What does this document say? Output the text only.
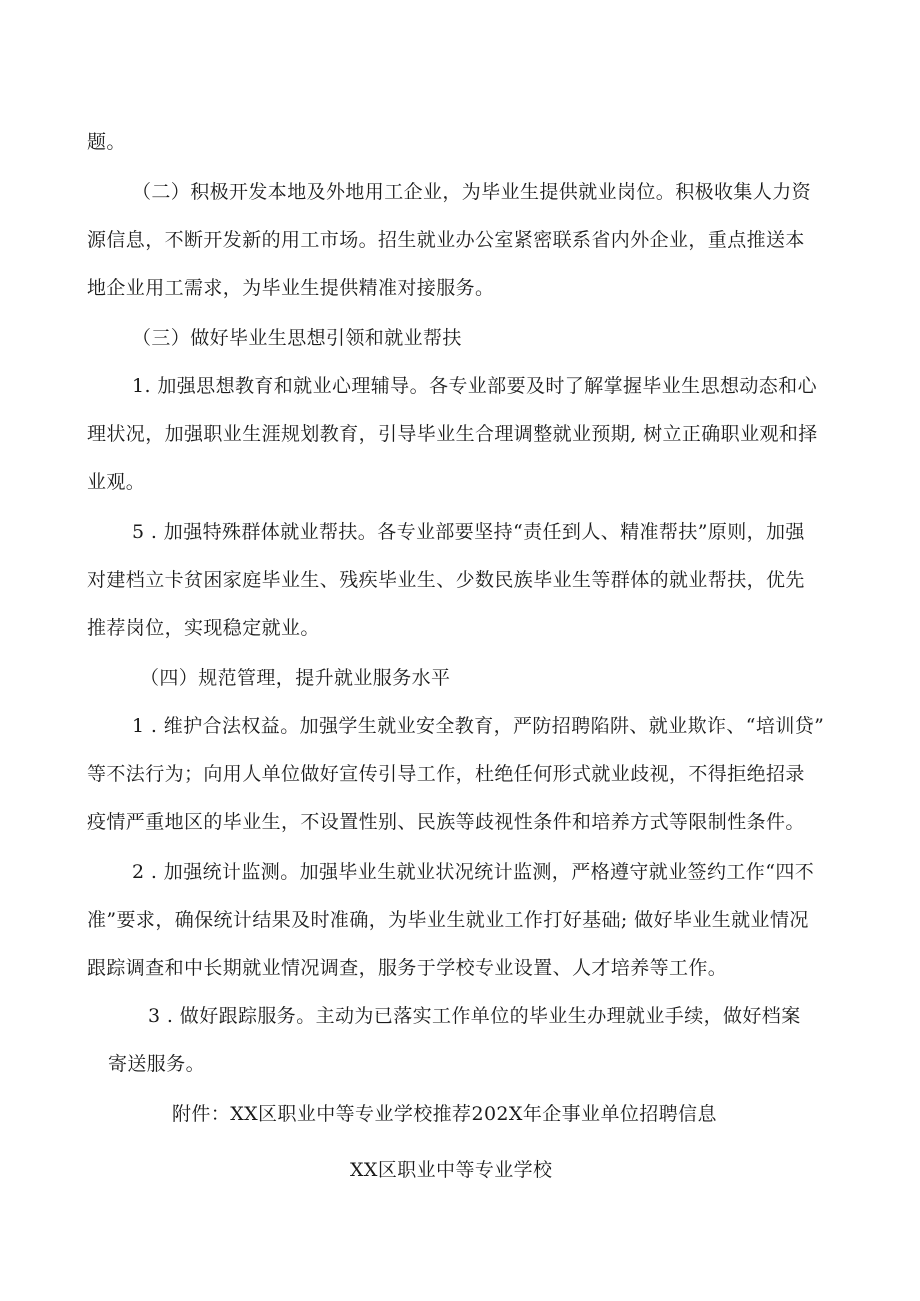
题。

（二）积极开发本地及外地用工企业，为毕业生提供就业岗位。积极收集人力资

源信息，不断开发新的用工市场。招生就业办公室紧密联系省内外企业，重点推送本

地企业用工需求，为毕业生提供精准对接服务。

（三）做好毕业生思想引领和就业帮扶

1. 加强思想教育和就业心理辅导。各专业部要及时了解掌握毕业生思想动态和心

理状况，加强职业生涯规划教育，引导毕业生合理调整就业预期, 树立正确职业观和择

业观。

5 . 加强特殊群体就业帮扶。各专业部要坚持“责任到人、精准帮扶”原则，加强

对建档立卡贫困家庭毕业生、残疾毕业生、少数民族毕业生等群体的就业帮扶，优先

推荐岗位，实现稳定就业。

（四）规范管理，提升就业服务水平

1 . 维护合法权益。加强学生就业安全教育，严防招聘陷阱、就业欺诈、“培训贷”

等不法行为；向用人单位做好宣传引导工作，杜绝任何形式就业歧视，不得拒绝招录

疫情严重地区的毕业生，不设置性别、民族等歧视性条件和培养方式等限制性条件。

2 . 加强统计监测。加强毕业生就业状况统计监测，严格遵守就业签约工作“四不

准”要求，确保统计结果及时准确，为毕业生就业工作打好基础; 做好毕业生就业情况

跟踪调查和中长期就业情况调查，服务于学校专业设置、人才培养等工作。

3 . 做好跟踪服务。主动为已落实工作单位的毕业生办理就业手续，做好档案

寄送服务。

附件：XX区职业中等专业学校推荐202X年企事业单位招聘信息

XX区职业中等专业学校
